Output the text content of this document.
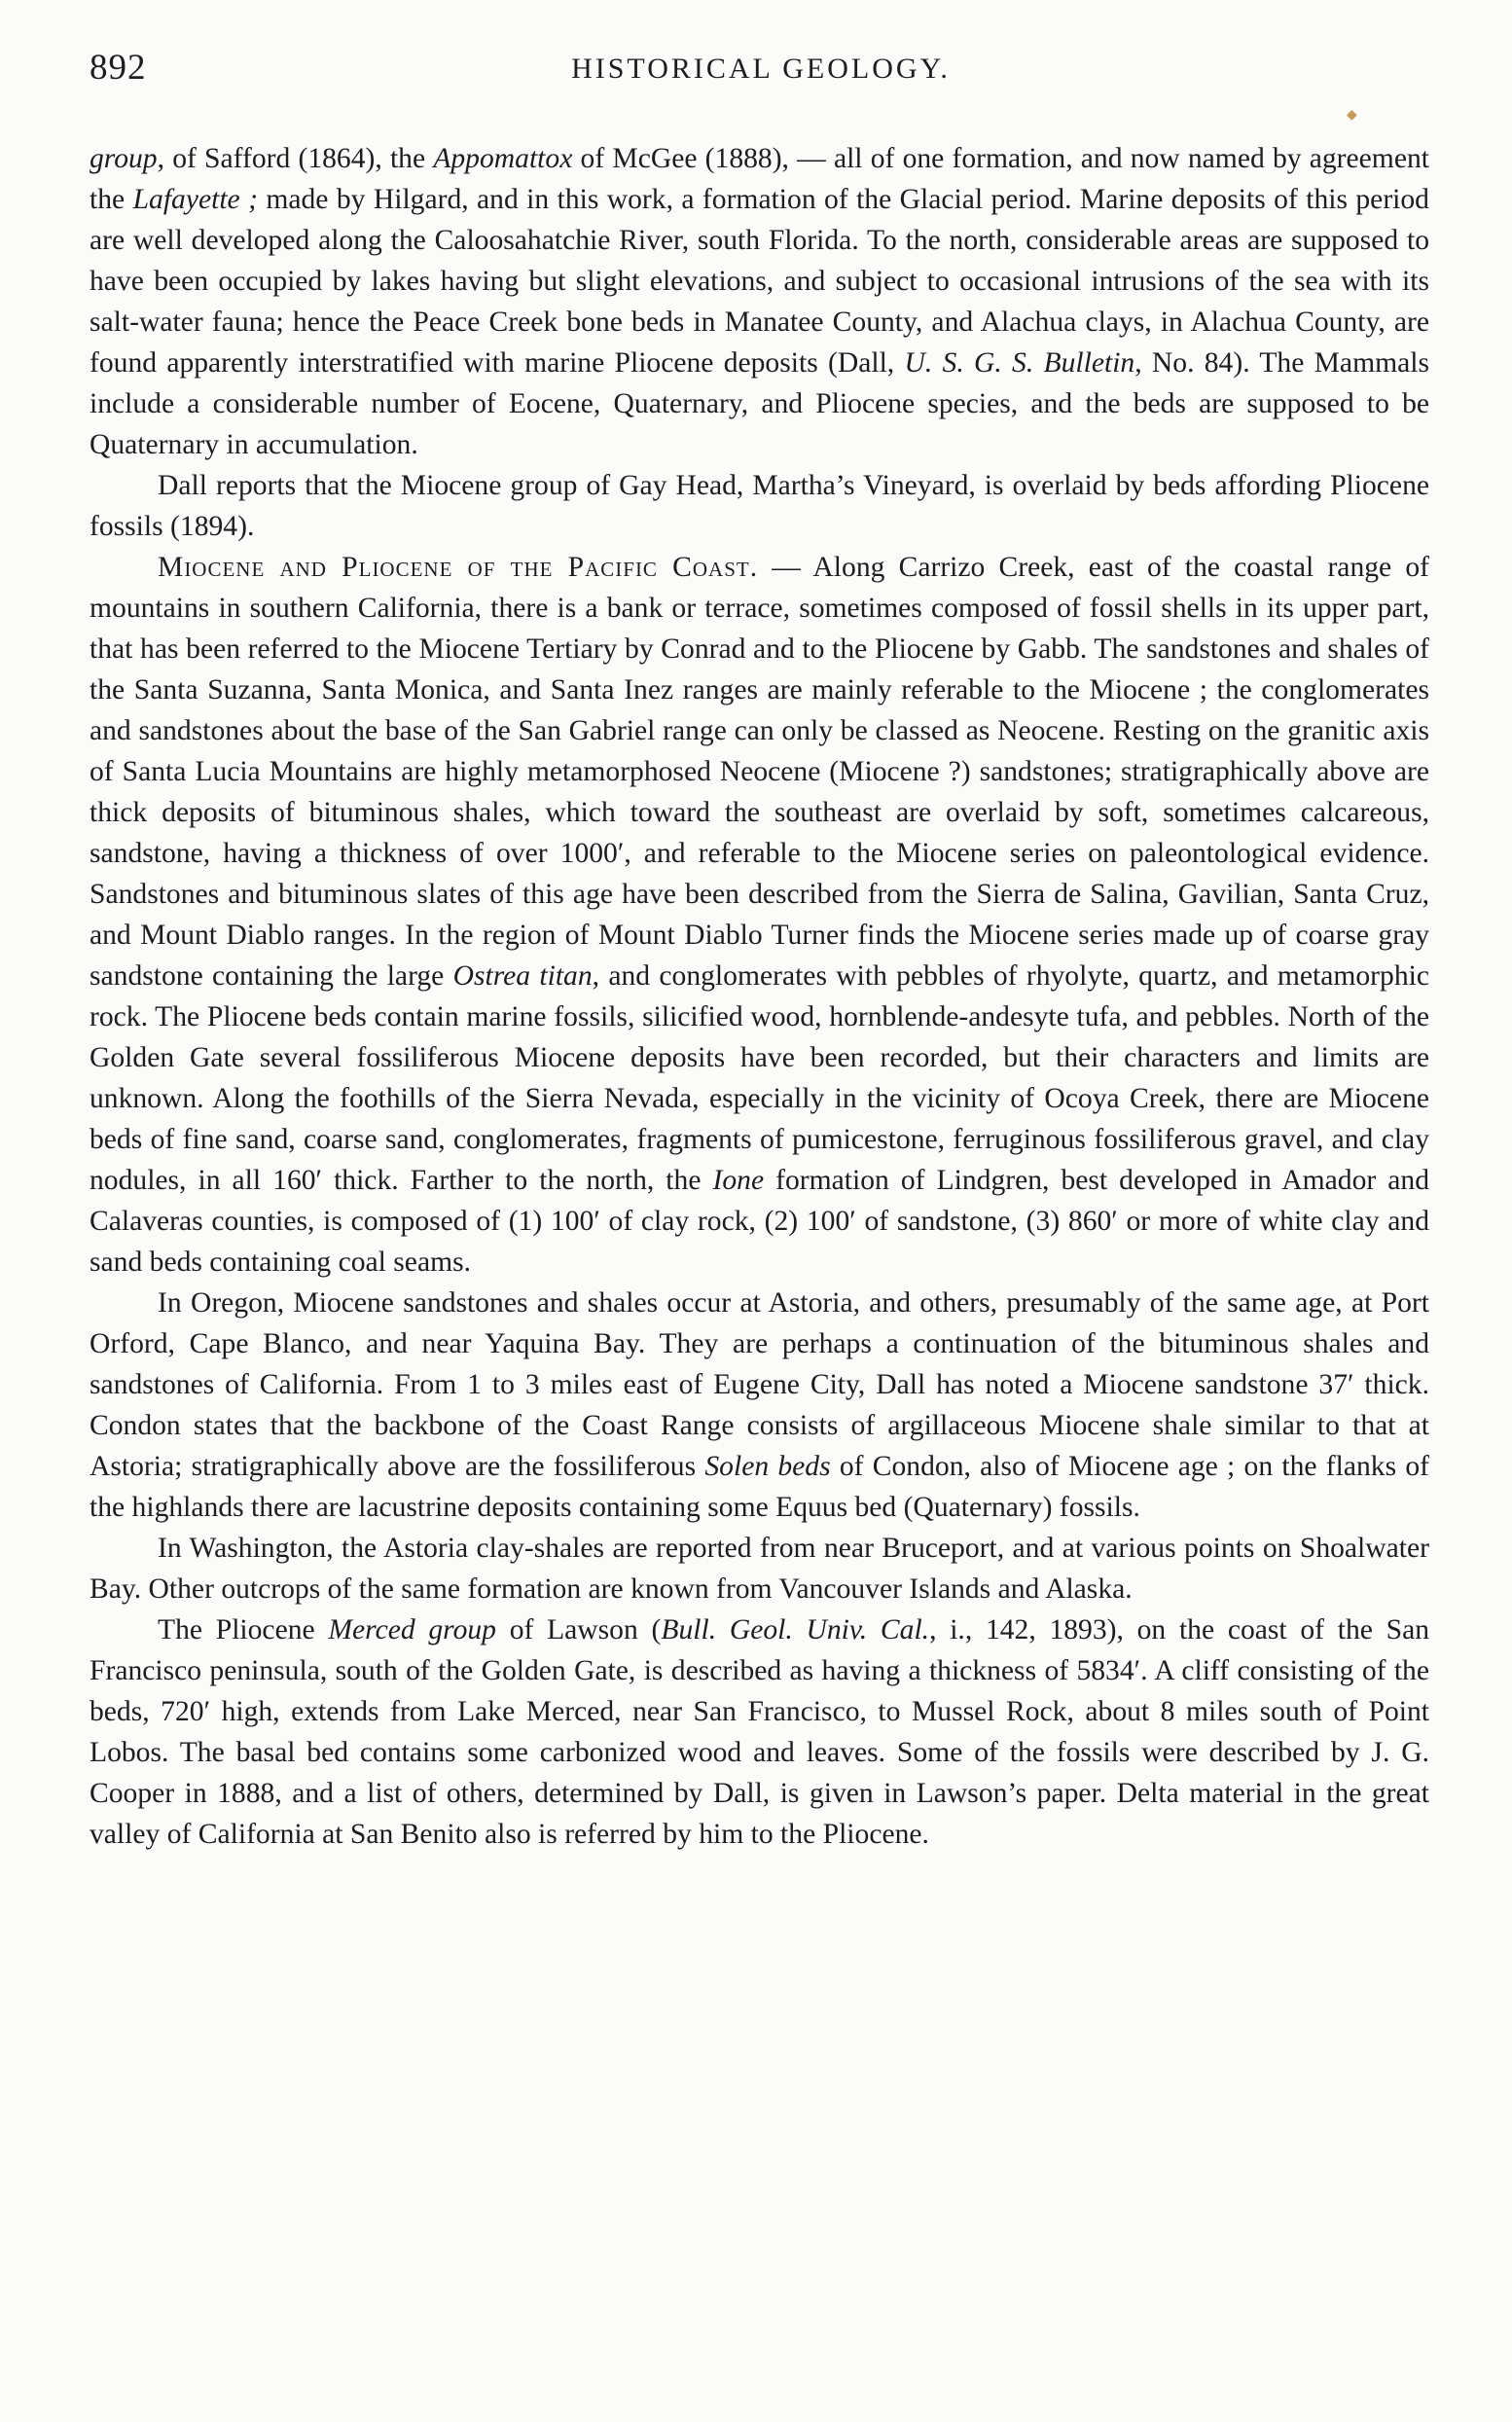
892	HISTORICAL GEOLOGY.
◆

group, of Safford (1864), the Appomattox of McGee (1888), — all of one formation, and now named by agreement the Lafayette ; made by Hilgard, and in this work, a formation of the Glacial period. Marine deposits of this period are well developed along the Caloosahatchie River, south Florida. To the north, considerable areas are supposed to have been occupied by lakes having but slight elevations, and subject to occasional intrusions of the sea with its salt-water fauna; hence the Peace Creek bone beds in Manatee County, and Alachua clays, in Alachua County, are found apparently interstratified with marine Pliocene deposits (Dall, U. S. G. S. Bulletin, No. 84). The Mammals include a considerable number of Eocene, Quaternary, and Pliocene species, and the beds are supposed to be Quaternary in accumulation.

Dall reports that the Miocene group of Gay Head, Martha’s Vineyard, is overlaid by beds affording Pliocene fossils (1894).

Miocene and Pliocene of the Pacific Coast. — Along Carrizo Creek, east of the coastal range of mountains in southern California, there is a bank or terrace, sometimes composed of fossil shells in its upper part, that has been referred to the Miocene Tertiary by Conrad and to the Pliocene by Gabb. The sandstones and shales of the Santa Suzanna, Santa Monica, and Santa Inez ranges are mainly referable to the Miocene ; the conglomerates and sandstones about the base of the San Gabriel range can only be classed as Neocene. Resting on the granitic axis of Santa Lucia Mountains are highly metamorphosed Neocene (Miocene ?) sandstones; stratigraphically above are thick deposits of bituminous shales, which toward the southeast are overlaid by soft, sometimes calcareous, sandstone, having a thickness of over 1000′, and referable to the Miocene series on paleontological evidence. Sandstones and bituminous slates of this age have been described from the Sierra de Salina, Gavilian, Santa Cruz, and Mount Diablo ranges. In the region of Mount Diablo Turner finds the Miocene series made up of coarse gray sandstone containing the large Ostrea titan, and conglomerates with pebbles of rhyolyte, quartz, and metamorphic rock. The Pliocene beds contain marine fossils, silicified wood, hornblende-andesyte tufa, and pebbles. North of the Golden Gate several fossiliferous Miocene deposits have been recorded, but their characters and limits are unknown. Along the foothills of the Sierra Nevada, especially in the vicinity of Ocoya Creek, there are Miocene beds of fine sand, coarse sand, conglomerates, fragments of pumicestone, ferruginous fossiliferous gravel, and clay nodules, in all 160′ thick. Farther to the north, the Ione formation of Lindgren, best developed in Amador and Calaveras counties, is composed of (1) 100′ of clay rock, (2) 100′ of sandstone, (3) 860′ or more of white clay and sand beds containing coal seams.

In Oregon, Miocene sandstones and shales occur at Astoria, and others, presumably of the same age, at Port Orford, Cape Blanco, and near Yaquina Bay. They are perhaps a continuation of the bituminous shales and sandstones of California. From 1 to 3 miles east of Eugene City, Dall has noted a Miocene sandstone 37′ thick. Condon states that the backbone of the Coast Range consists of argillaceous Miocene shale similar to that at Astoria; stratigraphically above are the fossiliferous Solen beds of Condon, also of Miocene age ; on the flanks of the highlands there are lacustrine deposits containing some Equus bed (Quaternary) fossils.

In Washington, the Astoria clay-shales are reported from near Bruceport, and at various points on Shoalwater Bay. Other outcrops of the same formation are known from Vancouver Islands and Alaska.

The Pliocene Merced group of Lawson (Bull. Geol. Univ. Cal., i., 142, 1893), on the coast of the San Francisco peninsula, south of the Golden Gate, is described as having a thickness of 5834′. A cliff consisting of the beds, 720′ high, extends from Lake Merced, near San Francisco, to Mussel Rock, about 8 miles south of Point Lobos. The basal bed contains some carbonized wood and leaves. Some of the fossils were described by J. G. Cooper in 1888, and a list of others, determined by Dall, is given in Lawson’s paper. Delta material in the great valley of California at San Benito also is referred by him to the Pliocene.
